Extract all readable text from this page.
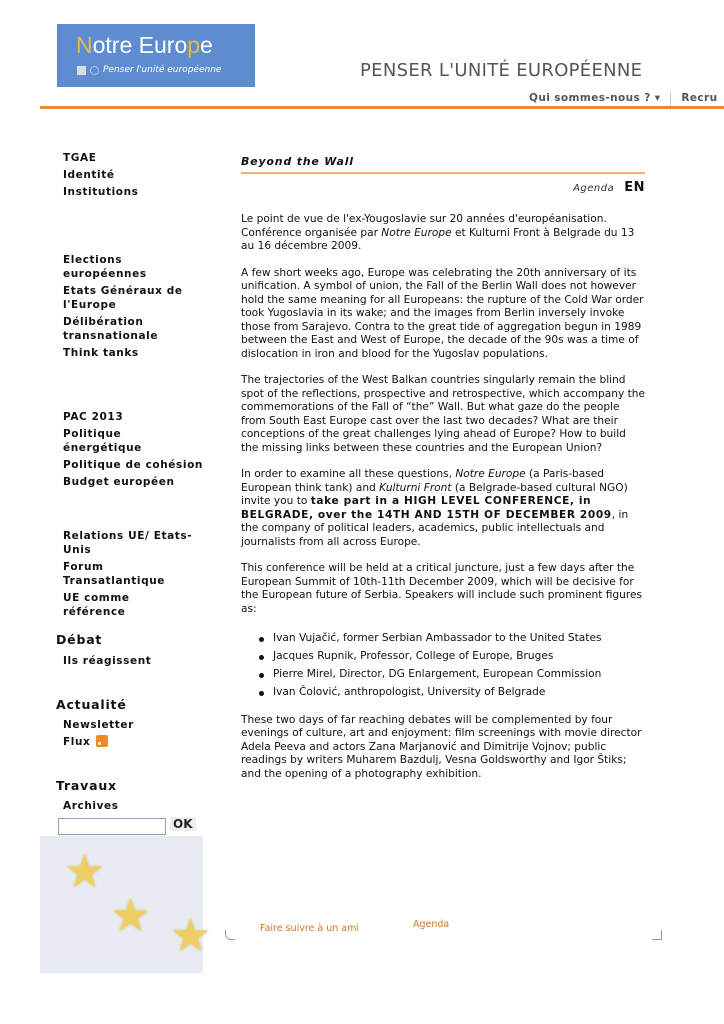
Notre Europe
Penser l'unité européenne	PENSER L'UNITÉ EUROPÉENNE
Qui sommes-nous ? ▾ Recru
TGAE
Identité
Institutions
Elections européennes
Etats Généraux de l'Europe
Délibération transnationale
Think tanks
PAC 2013
Politique énergétique
Politique de cohésion
Budget européen
Relations UE/ Etats-Unis
Forum Transatlantique
UE comme référence
Débat
Ils réagissent
Actualité
Newsletter
Flux
Travaux
Archives
OK
★
★ ★
Beyond the Wall
Agenda EN

Le point de vue de l'ex-Yougoslavie sur 20 années d'européanisation. Conférence organisée par Notre Europe et Kulturni Front à Belgrade du 13 au 16 décembre 2009.

A few short weeks ago, Europe was celebrating the 20th anniversary of its unification. A symbol of union, the Fall of the Berlin Wall does not however hold the same meaning for all Europeans: the rupture of the Cold War order took Yugoslavia in its wake; and the images from Berlin inversely invoke those from Sarajevo. Contra to the great tide of aggregation begun in 1989 between the East and West of Europe, the decade of the 90s was a time of dislocation in iron and blood for the Yugoslav populations.

The trajectories of the West Balkan countries singularly remain the blind spot of the reflections, prospective and retrospective, which accompany the commemorations of the Fall of “the” Wall. But what gaze do the people from South East Europe cast over the last two decades? What are their conceptions of the great challenges lying ahead of Europe? How to build the missing links between these countries and the European Union?

In order to examine all these questions, Notre Europe (a Paris-based European think tank) and Kulturni Front (a Belgrade-based cultural NGO) invite you to take part in a HIGH LEVEL CONFERENCE, in BELGRADE, over the 14TH AND 15TH OF DECEMBER 2009, in the company of political leaders, academics, public intellectuals and journalists from all across Europe.

This conference will be held at a critical juncture, just a few days after the European Summit of 10th-11th December 2009, which will be decisive for the European future of Serbia. Speakers will include such prominent figures as:

Ivan Vujačić, former Serbian Ambassador to the United States
Jacques Rupnik, Professor, College of Europe, Bruges
Pierre Mirel, Director, DG Enlargement, European Commission
Ivan Čolović, anthropologist, University of Belgrade

These two days of far reaching debates will be complemented by four evenings of culture, art and enjoyment: film screenings with movie director Adela Peeva and actors Zana Marjanović and Dimitrije Vojnov; public readings by writers Muharem Bazdulj, Vesna Goldsworthy and Igor Štiks; and the opening of a photography exhibition.

Faire suivre à un ami	Agenda
